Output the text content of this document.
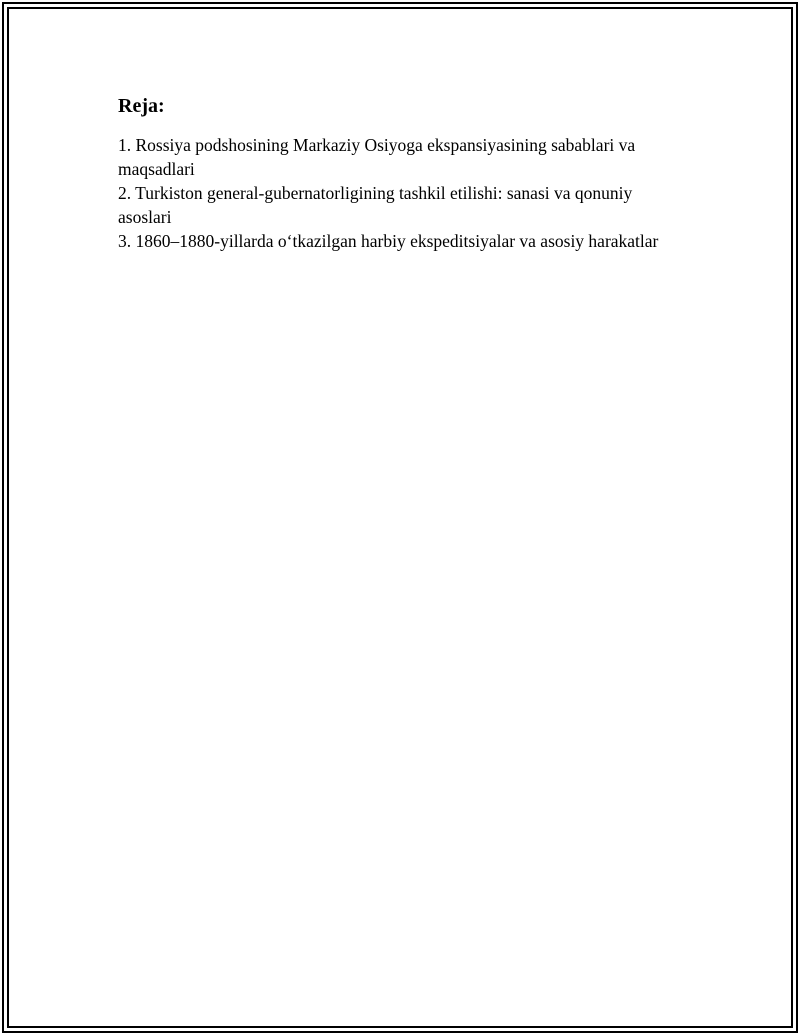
Reja:
1. Rossiya podshosining Markaziy Osiyoga ekspansiyasining sabablari va maqsadlari
2. Turkiston general-gubernatorligining tashkil etilishi: sanasi va qonuniy asoslari
3. 1860–1880-yillarda oʻtkazilgan harbiy ekspeditsiyalar va asosiy harakatlar
